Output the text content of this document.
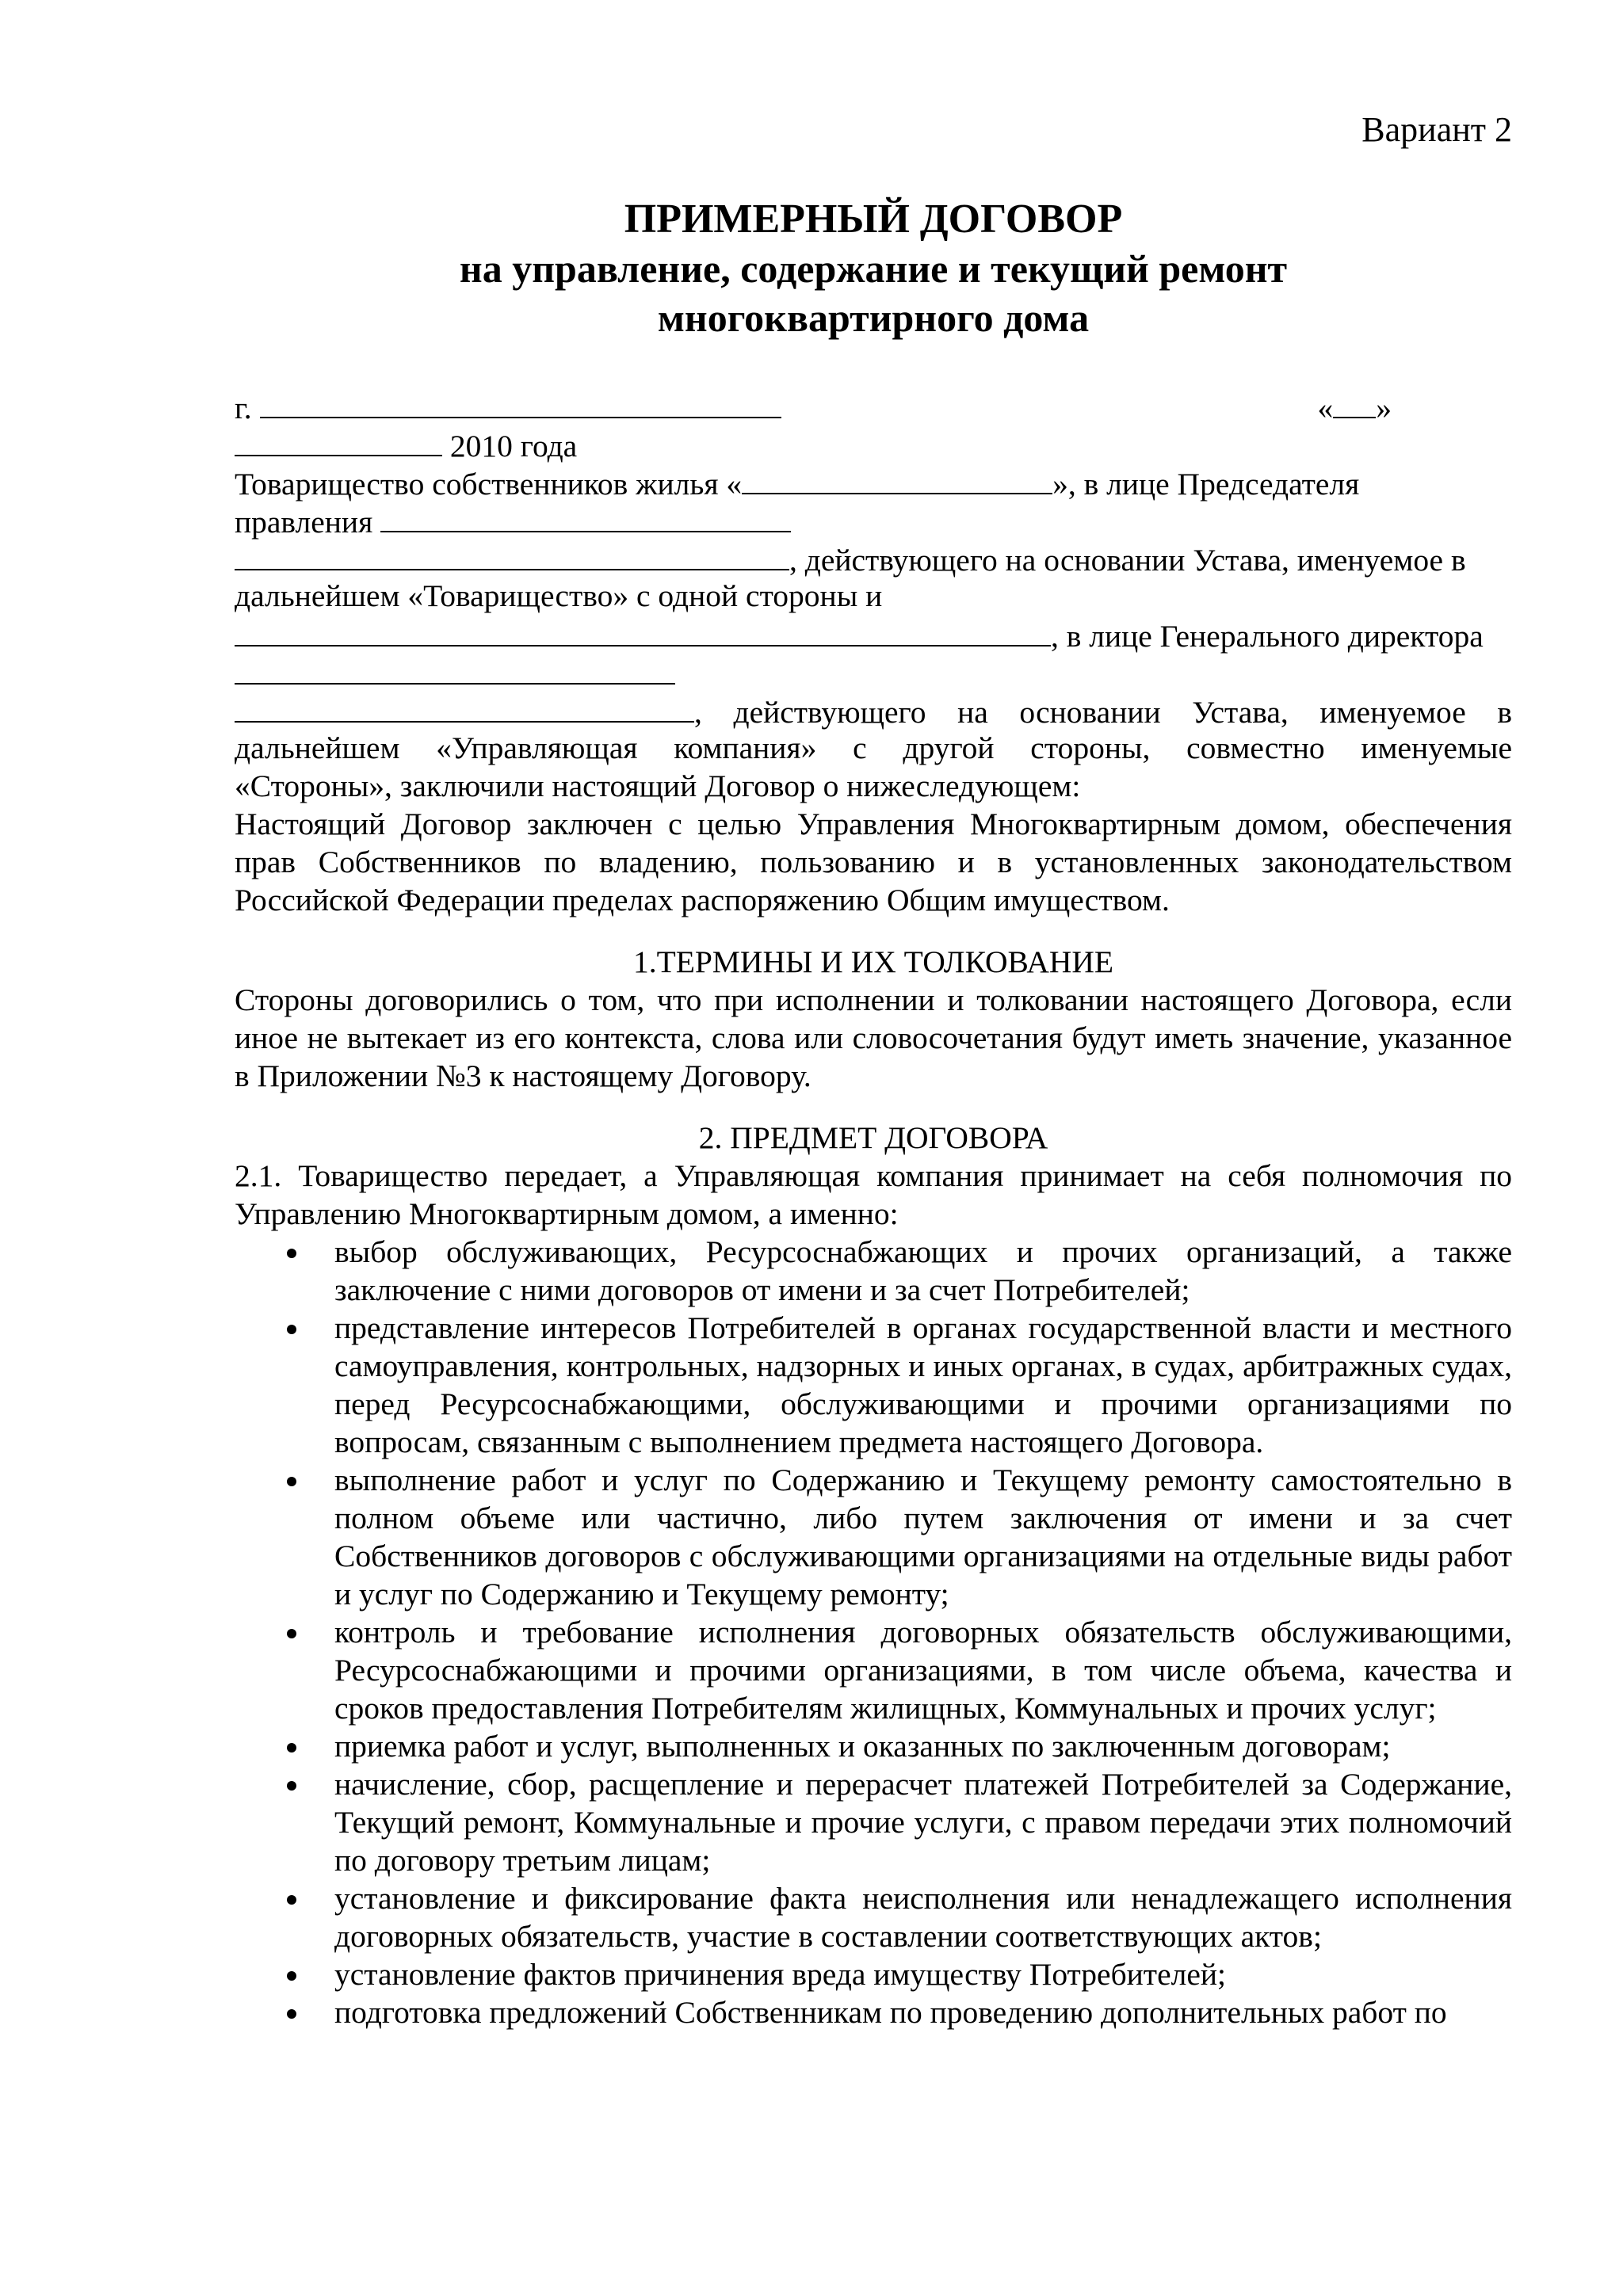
Вариант 2
ПРИМЕРНЫЙ ДОГОВОР
на управление, содержание и текущий ремонт
многоквартирного дома
г.	« »
2010 года
Товарищество собственников жилья «	», в лице Председателя
правления
, действующего на основании Устава, именуемое в
дальнейшем «Товарищество» с одной стороны и
, в лице Генерального директора
, действующего на основании Устава, именуемое в
дальнейшем «Управляющая компания» с другой стороны, совместно именуемые
«Стороны», заключили настоящий Договор о нижеследующем:
Настоящий Договор заключен с целью Управления Многоквартирным домом, обеспечения прав Собственников по владению, пользованию и в установленных законодательством Российской Федерации пределах распоряжению Общим имуществом.
1.ТЕРМИНЫ И ИХ ТОЛКОВАНИЕ
Стороны договорились о том, что при исполнении и толковании настоящего Договора, если иное не вытекает из его контекста, слова или словосочетания будут иметь значение, указанное в Приложении №3 к настоящему Договору.
2. ПРЕДМЕТ ДОГОВОРА
2.1. Товарищество передает, а Управляющая компания принимает на себя полномочия по Управлению Многоквартирным домом, а именно:
выбор обслуживающих, Ресурсоснабжающих и прочих организаций, а также заключение с ними договоров от имени и за счет Потребителей;
представление интересов Потребителей в органах государственной власти и местного самоуправления, контрольных, надзорных и иных органах, в судах, арбитражных судах, перед Ресурсоснабжающими, обслуживающими и прочими организациями по вопросам, связанным с выполнением предмета настоящего Договора.
выполнение работ и услуг по Содержанию и Текущему ремонту самостоятельно в полном объеме или частично, либо путем заключения от имени и за счет Собственников договоров с обслуживающими организациями на отдельные виды работ и услуг по Содержанию и Текущему ремонту;
контроль и требование исполнения договорных обязательств обслуживающими, Ресурсоснабжающими и прочими организациями, в том числе объема, качества и сроков предоставления Потребителям жилищных, Коммунальных и прочих услуг;
приемка работ и услуг, выполненных и оказанных по заключенным договорам;
начисление, сбор, расщепление и перерасчет платежей Потребителей за Содержание, Текущий ремонт, Коммунальные и прочие услуги, с правом передачи этих полномочий по договору третьим лицам;
установление и фиксирование факта неисполнения или ненадлежащего исполнения договорных обязательств, участие в составлении соответствующих актов;
установление фактов причинения вреда имуществу Потребителей;
подготовка предложений Собственникам по проведению дополнительных работ по
